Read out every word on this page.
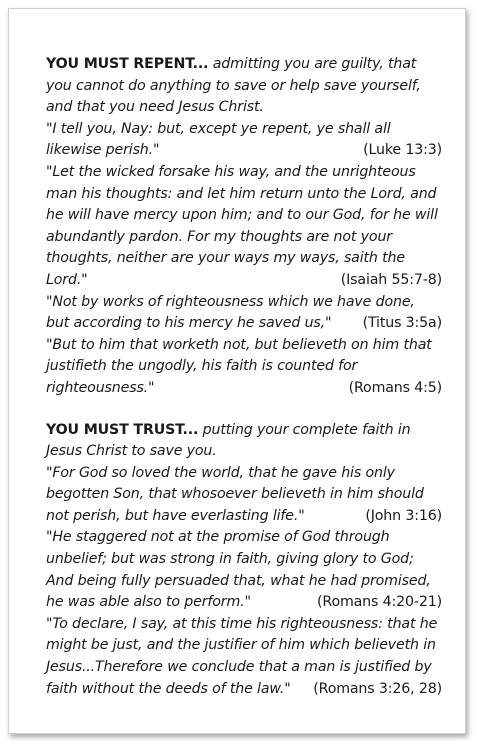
YOU MUST REPENT... admitting you are guilty, that you cannot do anything to save or help save yourself, and that you need Jesus Christ.

"I tell you, Nay: but, except ye repent, ye shall all likewise perish."	(Luke 13:3)

"Let the wicked forsake his way, and the unrighteous man his thoughts: and let him return unto the Lord, and he will have mercy upon him; and to our God, for he will abundantly pardon. For my thoughts are not your thoughts, neither are your ways my ways, saith the Lord."	(Isaiah 55:7-8)

"Not by works of righteousness which we have done, but according to his mercy he saved us," (Titus 3:5a)

"But to him that worketh not, but believeth on him that justifieth the ungodly, his faith is counted for righteousness."	(Romans 4:5)

YOU MUST TRUST... putting your complete faith in Jesus Christ to save you.

"For God so loved the world, that he gave his only begotten Son, that whosoever believeth in him should not perish, but have everlasting life."	(John 3:16)

"He staggered not at the promise of God through unbelief; but was strong in faith, giving glory to God; And being fully persuaded that, what he had promised, he was able also to perform."	(Romans 4:20-21)

"To declare, I say, at this time his righteousness: that he might be just, and the justifier of him which believeth in Jesus...Therefore we conclude that a man is justified by faith without the deeds of the law." (Romans 3:26, 28)
